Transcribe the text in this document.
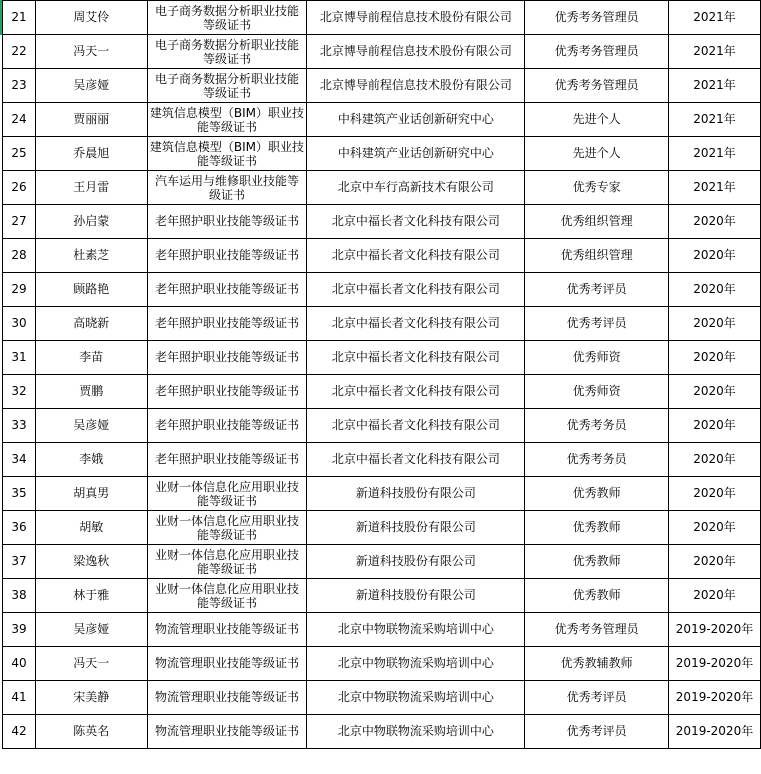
21	周艾伶	电子商务数据分析职业技能等级证书	北京博导前程信息技术股份有限公司	优秀考务管理员	2021年
22	冯天一	电子商务数据分析职业技能等级证书	北京博导前程信息技术股份有限公司	优秀考务管理员	2021年
23	吴彦娅	电子商务数据分析职业技能等级证书	北京博导前程信息技术股份有限公司	优秀考务管理员	2021年
24	贾丽丽	建筑信息模型（BIM）职业技能等级证书	中科建筑产业话创新研究中心	先进个人	2021年
25	乔晨旭	建筑信息模型（BIM）职业技能等级证书	中科建筑产业话创新研究中心	先进个人	2021年
26	王月雷	汽车运用与维修职业技能等级证书	北京中车行高新技术有限公司	优秀专家	2021年
27	孙启蒙	老年照护职业技能等级证书	北京中福长者文化科技有限公司	优秀组织管理	2020年
28	杜素芝	老年照护职业技能等级证书	北京中福长者文化科技有限公司	优秀组织管理	2020年
29	顾路艳	老年照护职业技能等级证书	北京中福长者文化科技有限公司	优秀考评员	2020年
30	高晓新	老年照护职业技能等级证书	北京中福长者文化科技有限公司	优秀考评员	2020年
31	李苗	老年照护职业技能等级证书	北京中福长者文化科技有限公司	优秀师资	2020年
32	贾鹏	老年照护职业技能等级证书	北京中福长者文化科技有限公司	优秀师资	2020年
33	吴彦娅	老年照护职业技能等级证书	北京中福长者文化科技有限公司	优秀考务员	2020年
34	李娥	老年照护职业技能等级证书	北京中福长者文化科技有限公司	优秀考务员	2020年
35	胡真男	业财一体信息化应用职业技能等级证书	新道科技股份有限公司	优秀教师	2020年
36	胡敏	业财一体信息化应用职业技能等级证书	新道科技股份有限公司	优秀教师	2020年
37	梁逸秋	业财一体信息化应用职业技能等级证书	新道科技股份有限公司	优秀教师	2020年
38	林于雅	业财一体信息化应用职业技能等级证书	新道科技股份有限公司	优秀教师	2020年
39	吴彦娅	物流管理职业技能等级证书	北京中物联物流采购培训中心	优秀考务管理员	2019-2020年
40	冯天一	物流管理职业技能等级证书	北京中物联物流采购培训中心	优秀教辅教师	2019-2020年
41	宋美静	物流管理职业技能等级证书	北京中物联物流采购培训中心	优秀考评员	2019-2020年
42	陈英名	物流管理职业技能等级证书	北京中物联物流采购培训中心	优秀考评员	2019-2020年
